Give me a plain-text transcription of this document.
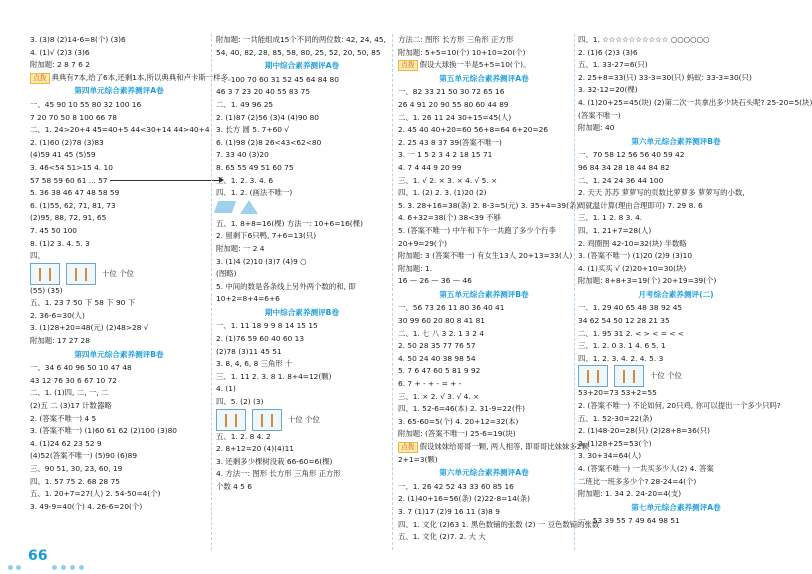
3. (3)8 (2)14-6=8(个) (3)6
4. (1)√ (2)3 (3)6
附加题: 2 8 7 6 2
点拨 典典有7本,给了6本,还剩1本,所以典典和卢卡斯一样多。
第四单元综合素养测评A卷
一、45 90 10 55 80 32 100 16
7 20 70 50 8 100 66 78
二、1. 24>20+4 45=40+5 44<30+14 44>40+4
2. (1)60 (2)78 (3)83
(4)59 41 45 (5)59
3. 46<54 51>15 4. 10
57 58 59 60 61 ... 57
5. 36 38 46 47 48 58 59
6. (1)55, 62, 71, 81, 73
(2)95, 88, 72, 91, 65
7. 45 50 100
8. (1)2 3. 4. 5. 3
四、
十位 个位
(55) (35)
五、1. 23 7 50 下 58 下 90 下
2. 36-6=30(人)
3. (1)28+20=48(元) (2)48>28 √
附加题: 17 27 28
第四单元综合素养测评B卷
一、34 6 40 96 50 10 47 48
43 12 76 30 6 67 10 72
二、1. (1)四, 二, 一, 二
(2)五 二 (3)17 计数器略
2. (答案不唯一) 4 5
3. (答案不唯一) (1)60 61 62 (2)100 (3)80
4. (1)24 62 23 52 9
(4)52(答案不唯一) (5)90 (6)89
三、90 51, 30, 23, 60, 19
四、1. 57 75 2. 68 28 75
五、1. 20+7=27(人) 2. 54-50=4(个)
3. 49-9=40(个) 4. 26-6=20(个)
附加题: 一共能组成15个不同的两位数: 42, 24, 45,
54, 40, 82, 28, 85, 58, 80, 25, 52, 20, 50, 85
期中综合素养测评A卷
一、100 70 60 31 52 45 64 84 80
46 3 7 23 20 40 55 83 75
二、1. 49 96 25
2. (1)87 (2)56 (3)4 (4)90 80
3. 长方 圆 5. 7+60 √
6. (1)98 (2)8 26<43<62<80
7. 33 40 (3)20
8. 65 55 49 51 60 75
三、1. 2. 3. 4. 6
四、1. 2. (画法不唯一)
五、1. 8+8=16(棵) 方法一: 10+6=16(棵)
2. 留剩下6只鸭, 7+6=13(只)
附加题: 一 2 4
3. (1)4 (2)10 (3)7 (4)9 ○
(图略)
5. 中间的数是各条线上另外两个数的和, 即
10+2=8+4=6+6
期中综合素养测评B卷
一、1. 11 18 9 9 8 14 15 15
2. (1)76 59 60 40 60 13
(2)78 (3)11 45 51
3. 8, 4, 6, 8 三角形 十
三、1. 11 2. 3. 8 1. 8+4=12(颗)
4. (1)
四、5. (2) (3)
十位 个位
五、1. 2. 8 4. 2
2. 8+12=20 (4)(4)11
3. 还剩多少棵树没栽 66-60=6(棵)
4. 方法一: 图形 长方形 三角形 正方形
个数 4 5 6
方法二: 图形 长方形 三角形 正方形
附加题: 5+5=10(个) 10+10=20(个)
点拨 假设大球换一半是5+5=10(个)。
第五单元综合素养测评A卷
一、82 33 21 50 30 72 65 16
26 4 91 20 90 55 80 60 44 89
二、1. 26 11 24 30+15=45(人)
2. 45 40 40+20=60 56+8=64 6+20=26
2. 25 43 8 37 39(答案不唯一)
3. 一 1 5 2 3 4 2 18 15 71
4. 7 4 44 9 20 99
三、1. √ 2. × 3. × 4. √ 5. ×
四、1. (2) 2. 3. (1)20 (2)
5. 3. 28+16=38(条) 2. 8-3=5(元) 3. 35+4=39(条)
4. 6+32=38(个) 38<39 不够
5. (答案不唯一) 中午和下午一共跑了多少个行李
20+9=29(个)
附加题: 3 (答案不唯一) 有女生13人 20+13=33(人)
附加题: 1.
16 — 26 — 36 — 46
第五单元综合素养测评B卷
一、56 73 26 11 80 36 40 41
30 99 60 20 80 8 41 81
二、1. 七 八 3 2. 1 3 2 4
2. 50 28 35 77 76 57
4. 50 24 40 38 98 54
5. 7 6 47 60 5 81 9 92
6. 7 + - + - = + -
三、1. × 2. √ 3. √ 4. ×
四、1. 52-6=46(本) 2. 31-9=22(件)
3. 65-60=5(个) 4. 20+12=32(本)
附加题: (答案不唯一) 25-6=19(块)
点拨 假设妹妹给哥哥一颗, 两人相等, 即哥哥比妹妹多2颗
2+1=3(颗)
第六单元综合素养测评A卷
一、1. 26 42 52 43 33 60 85 16
2. (1)40+16=56(条) (2)22-8=14(条)
3. 7 (1)17 (2)9 16 11 (3)8 9
四、1. 文化 (2)63 1. 黑色数铺的张数 (2) 一 豆色数铺的张数
五、1. 文化 (2)7. 2. 大 大
四、1. ☆☆☆☆☆☆☆☆☆☆ ○○○○○○
2. (1)6 (2)3 (3)6
五、1. 33-27=6(只)
2. 25+8=33(只) 33-3=30(只) 蚂蚁: 33-3=30(只)
3. 32-12=20(棵)
4. (1)20+25=45(块) (2)第二次一共拿出多少块石头呢? 25-20=5(块)
(答案不唯一)
附加题: 40
第六单元综合素养测评B卷
一、70 58 12 56 56 40 59 42
96 84 34 28 18 44 84 82
二、1. 24 24 36 44 100
2. 天天 苏苏 萝萝写的页数比萝萝多 萝萝写的小数,
周就温计算(理由合理即可) 7. 29 8. 6
三、1. 1 2. 8 3. 4.
四、1. 21+7=28(人)
2. 鸡圈图 42-10=32(块) 半数略
3. (答案不唯一) (1)20 (2)9 (3)10
4. (1)买买 √ (2)20+10=30(块)
附加题: 8+8+3=19(个) 20+19=39(个)
月考综合素养测评(二)
一、1. 29 40 65 48 38 92 45
34 62 54 50 12 28 21 35
二、1. 95 31 2. < > < = < <
三、1. 2. 0 3. 1 4. 6 5. 1
四、1. 2. 3. 4. 2. 4. 5. 3
十位 个位
53+20=73 53+2=55
2. (答案不唯一) 不论如何, 20只鸡, 你可以提出一个多少只吗?
五、1. 52-30=22(条)
2. (1)48-20=28(只) (2)28+8=36(只)
3. (1)28+25=53(个)
3. 30+34=64(人)
4. (答案不唯一) 一共买多少人(2) 4. 答案
二班比一班多多少个? 28-24=4(个)
附加题: 1. 34 2. 24-20=4(支)
第七单元综合素养测评A卷
一、53 39 55 7 49 64 98 51
66
